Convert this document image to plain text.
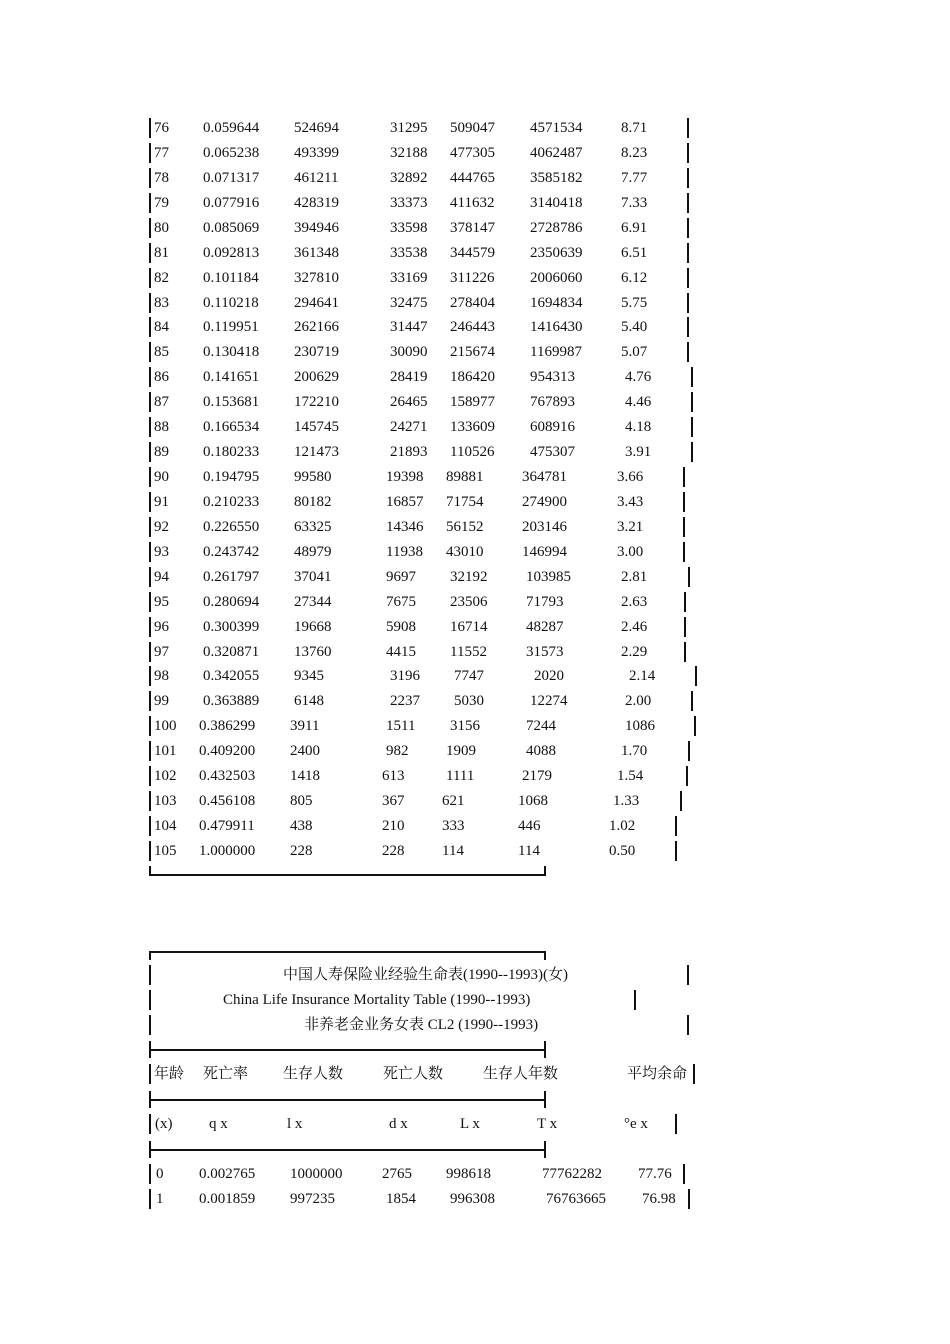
76 0.059644 524694	31295 509047 4571534	8.71
77 0.065238 493399	32188 477305 4062487	8.23
78 0.071317 461211	32892 444765 3585182	7.77
79 0.077916 428319	33373 411632 3140418	7.33
80 0.085069 394946	33598 378147 2728786	6.91
81 0.092813 361348	33538 344579 2350639	6.51
82 0.101184 327810	33169 311226 2006060	6.12
83 0.110218 294641	32475 278404 1694834	5.75
84 0.119951 262166	31447 246443 1416430	5.40
85 0.130418 230719	30090 215674 1169987	5.07
86 0.141651 200629	28419 186420 954313	4.76
87 0.153681 172210	26465 158977 767893	4.46
88 0.166534 145745	24271 133609 608916	4.18
89 0.180233 121473	21893 110526 475307	3.91
90 0.194795 99580	19398 89881	364781	3.66
91 0.210233 80182	16857 71754	274900	3.43
92 0.226550 63325	14346 56152	203146	3.21
93 0.243742 48979	11938 43010	146994	3.00
94 0.261797 37041	9697 32192	103985	2.81
95 0.280694 27344	7675 23506	71793	2.63
96 0.300399 19668	5908 16714	48287	2.46
97 0.320871 13760	4415 11552	31573	2.29
98 0.342055 9345	3196 7747	2020	2.14
99 0.363889 6148	2237 5030	12274	2.00
100 0.386299 3911	1511 3156	7244	1086
101 0.409200 2400	982	1909	4088	1.70
102 0.432503 1418	613	1111	2179	1.54
103 0.456108 805	367	621	1068	1.33
104 0.479911 438	210	333	446	1.02
105 1.000000 228	228	114	114	0.50
中国人寿保险业经验生命表(1990--1993)(女)
China Life Insurance Mortality Table (1990--1993)
非养老金业务女表 CL2 (1990--1993)
年龄 死亡率 生存人数	死亡人数	生存人年数	平均余命
(x) q x	l x	d x	L x	T x	°e x
0 0.002765 1000000	2765 998618	77762282 77.76
1 0.001859 997235	1854 996308	76763665 76.98
